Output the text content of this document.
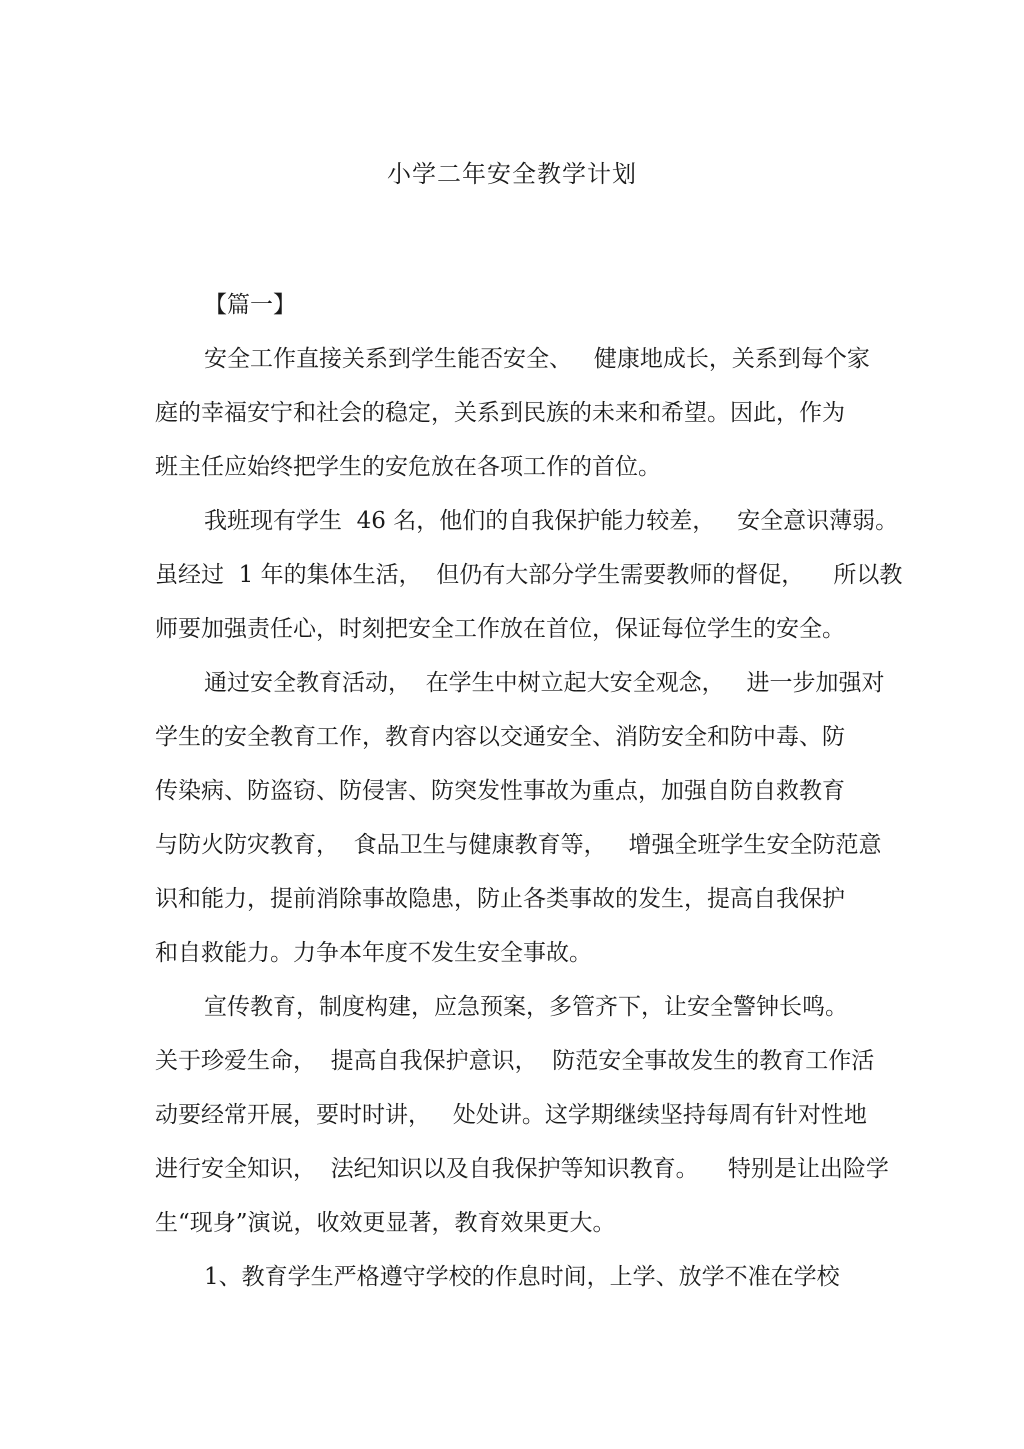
小学二年安全教学计划
【篇一】
安全工作直接关系到学生能否安全、   健康地成长，关系到每个家
庭的幸福安宁和社会的稳定，关系到民族的未来和希望。因此，作为
班主任应始终把学生的安危放在各项工作的首位。
我班现有学生  46 名，他们的自我保护能力较差，   安全意识薄弱。
虽经过  1 年的集体生活，  但仍有大部分学生需要教师的督促，    所以教
师要加强责任心，时刻把安全工作放在首位，保证每位学生的安全。
通过安全教育活动，  在学生中树立起大安全观念，   进一步加强对
学生的安全教育工作，教育内容以交通安全、消防安全和防中毒、防
传染病、防盗窃、防侵害、防突发性事故为重点，加强自防自救教育
与防火防灾教育，  食品卫生与健康教育等，   增强全班学生安全防范意
识和能力，提前消除事故隐患，防止各类事故的发生，提高自我保护
和自救能力。力争本年度不发生安全事故。
宣传教育，制度构建，应急预案，多管齐下，让安全警钟长鸣。
关于珍爱生命，  提高自我保护意识，  防范安全事故发生的教育工作活
动要经常开展，要时时讲，   处处讲。这学期继续坚持每周有针对性地
进行安全知识，  法纪知识以及自我保护等知识教育。    特别是让出险学
生“现身”演说，收效更显著，教育效果更大。
1、教育学生严格遵守学校的作息时间，上学、放学不准在学校
